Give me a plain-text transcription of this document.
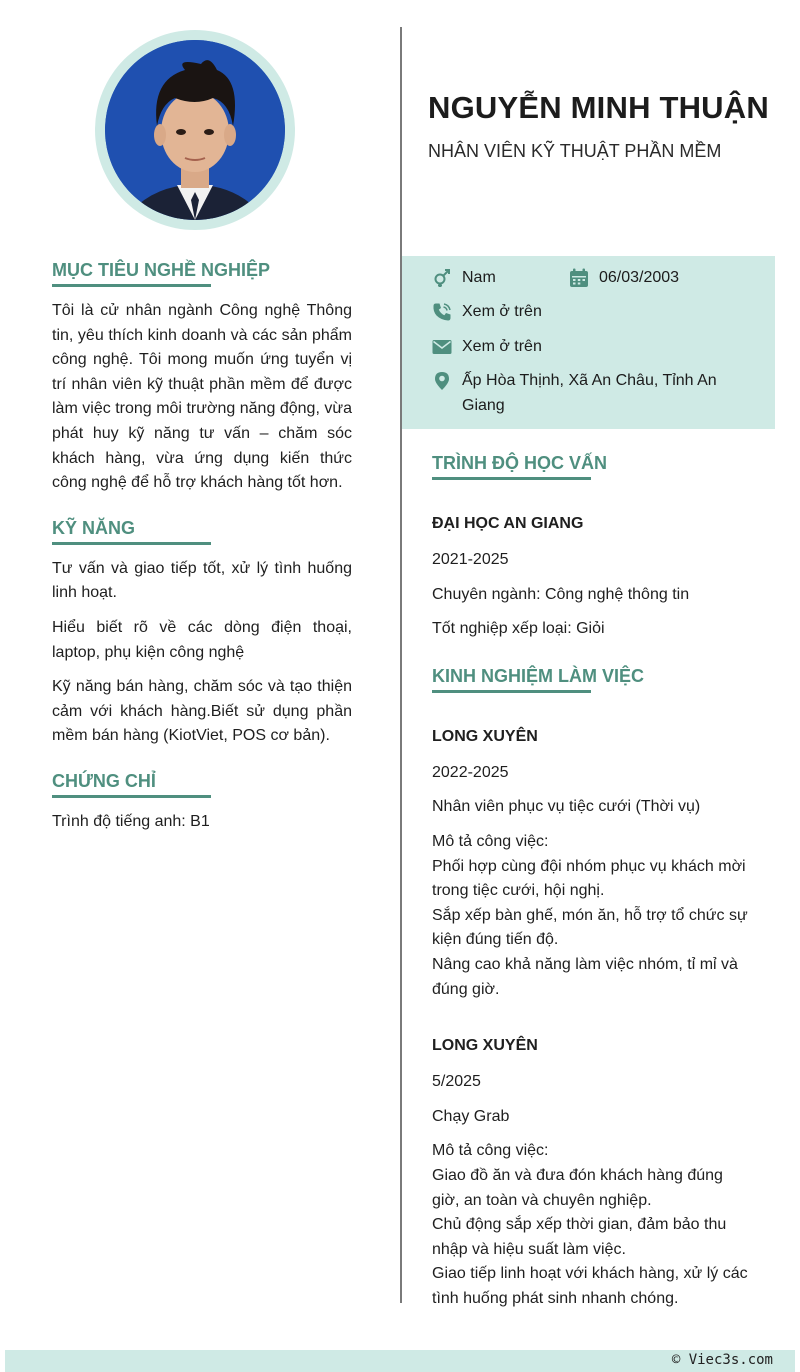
MỤC TIÊU NGHỀ NGHIỆP

Tôi là cử nhân ngành Công nghệ Thông tin, yêu thích kinh doanh và các sản phẩm công nghệ. Tôi mong muốn ứng tuyển vị trí nhân viên kỹ thuật phần mềm để được làm việc trong môi trường năng động, vừa phát huy kỹ năng tư vấn – chăm sóc khách hàng, vừa ứng dụng kiến thức công nghệ để hỗ trợ khách hàng tốt hơn.

KỸ NĂNG

Tư vấn và giao tiếp tốt, xử lý tình huống linh hoạt.

Hiểu biết rõ về các dòng điện thoại, laptop, phụ kiện công nghệ

Kỹ năng bán hàng, chăm sóc và tạo thiện cảm với khách hàng.Biết sử dụng phần mềm bán hàng (KiotViet, POS cơ bản).

CHỨNG CHỈ

Trình độ tiếng anh: B1

NGUYỄN MINH THUẬN
NHÂN VIÊN KỸ THUẬT PHẦN MỀM
Nam	06/03/2003
Xem ở trên
Xem ở trên
Ấp Hòa Thịnh, Xã An Châu, Tỉnh An Giang
TRÌNH ĐỘ HỌC VẤN
ĐẠI HỌC AN GIANG
2021-2025
Chuyên ngành: Công nghệ thông tin
Tốt nghiệp xếp loại: Giỏi
KINH NGHIỆM LÀM VIỆC
LONG XUYÊN
2022-2025
Nhân viên phục vụ tiệc cưới (Thời vụ)
Mô tả công việc:
Phối hợp cùng đội nhóm phục vụ khách mời trong tiệc cưới, hội nghị.
Sắp xếp bàn ghế, món ăn, hỗ trợ tổ chức sự kiện đúng tiến độ.
Nâng cao khả năng làm việc nhóm, tỉ mỉ và đúng giờ.
LONG XUYÊN
5/2025
Chạy Grab
Mô tả công việc:
Giao đồ ăn và đưa đón khách hàng đúng giờ, an toàn và chuyên nghiệp.
Chủ động sắp xếp thời gian, đảm bảo thu nhập và hiệu suất làm việc.
Giao tiếp linh hoạt với khách hàng, xử lý các tình huống phát sinh nhanh chóng.
© Viec3s.com
